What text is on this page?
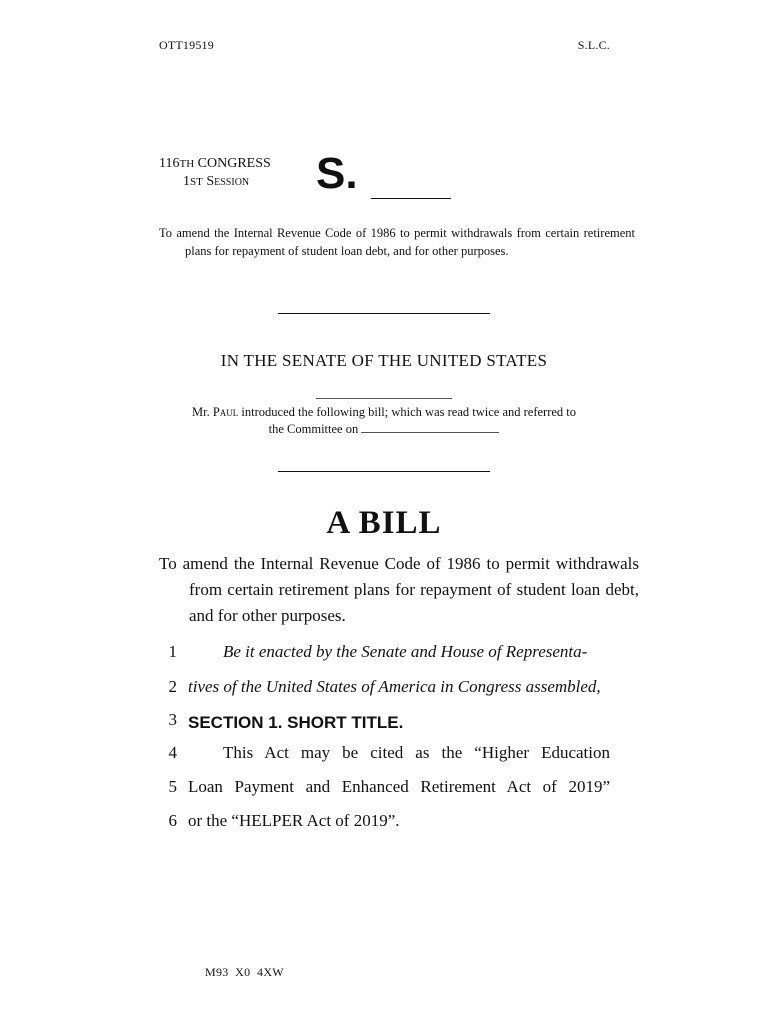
OTT19519	S.L.C.
116TH CONGRESS
1ST Session	S.
To amend the Internal Revenue Code of 1986 to permit withdrawals from certain retirement plans for repayment of student loan debt, and for other purposes.
IN THE SENATE OF THE UNITED STATES
Mr. Paul introduced the following bill; which was read twice and referred to
the Committee on
A BILL
To amend the Internal Revenue Code of 1986 to permit withdrawals from certain retirement plans for repayment of student loan debt, and for other purposes.
1	Be it enacted by the Senate and House of Representa-
2 tives of the United States of America in Congress assembled,
3 SECTION 1. SHORT TITLE.
4	This Act may be cited as the “Higher Education
5 Loan Payment and Enhanced Retirement Act of 2019”
6 or the “HELPER Act of 2019”.
M93  X0  4XW
